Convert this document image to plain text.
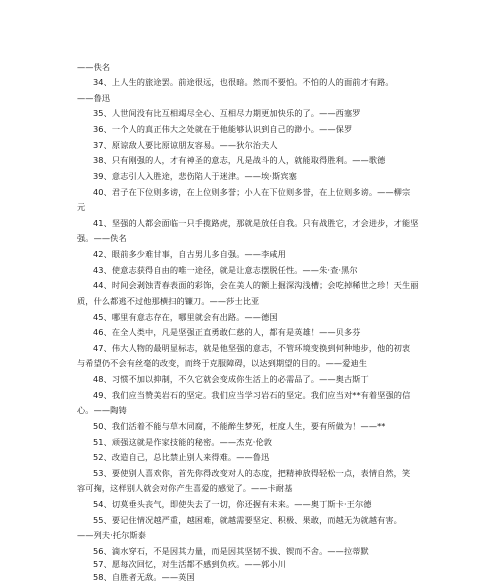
——佚名
34、上人生的旅途罢。前途很远，也很暗。然而不要怕。不怕的人的面前才有路。
——鲁迅
35、人世间没有比互相竭尽全心、互相尽力期更加快乐的了。——西塞罗
36、一个人的真正伟大之处就在于他能够认识到自己的渺小。——保罗
37、原谅敌人要比原谅朋友容易。——狄尔治夫人
38、只有刚强的人，才有神圣的意志，凡是战斗的人，就能取得胜利。——歌德
39、意志引人入胜途，悲伤陷人于迷津。——埃·斯宾塞
40、君子在下位则多谤，在上位则多誉；小人在下位则多誉，在上位则多谤。——柳宗
元
41、坚强的人都会面临一只手揽路虎，那就是放任自我。只有战胜它，才会进步，才能坚
强。——佚名
42、眼前多少难甘事，自古男儿多自强。——李咸用
43、使意志获得自由的唯一途径，就是让意志摆脱任性。——朱·查·黑尔
44、时间会剥蚀青春表面的彩饰，会在美人的额上掘深沟浅槽；会吃掉稀世之珍！天生丽
质，什么都逃不过他那横扫的镰刀。——莎士比亚
45、哪里有意志存在，哪里就会有出路。——德国
46、在全人类中，凡是坚强正直勇敢仁慈的人，都有是英雄！——贝多芬
47、伟大人物的最明显标志，就是他坚强的意志，不管环境变换到何种地步，他的初衷
与希望仍不会有丝毫的改变，而终于克服障碍，以达到期望的目的。——爱迪生
48、习惯不加以抑制，不久它就会变成你生活上的必需品了。——奥古斯丁
49、我们应当赞美岩石的坚定。我们应当学习岩石的坚定。我们应当对**有着坚强的信
心。——陶铸
50、我们活着不能与草木同腐，不能醉生梦死，枉度人生，要有所做为！——**
51、顽强这就是作家技能的秘密。——杰克·伦敦
52、改造自己，总比禁止别人来得难。——鲁迅
53、要使别人喜欢你，首先你得改变对人的态度，把精神放得轻松一点，表情自然，笑
容可掬，这样别人就会对你产生喜爱的感觉了。——卡耐基
54、切莫垂头丧气，即使失去了一切，你还握有未来。——奥丁斯卡·王尔德
55、要记住情况越严重，越困难，就越需要坚定、积极、果敢，而越无为就越有害。
——列夫·托尔斯泰
56、滴水穿石，不是因其力量，而是因其坚韧不拔、锲而不舍。——拉蒂默
57、愿每次回忆，对生活都不感到负疚。——郭小川
58、自胜者无敌。——英国
